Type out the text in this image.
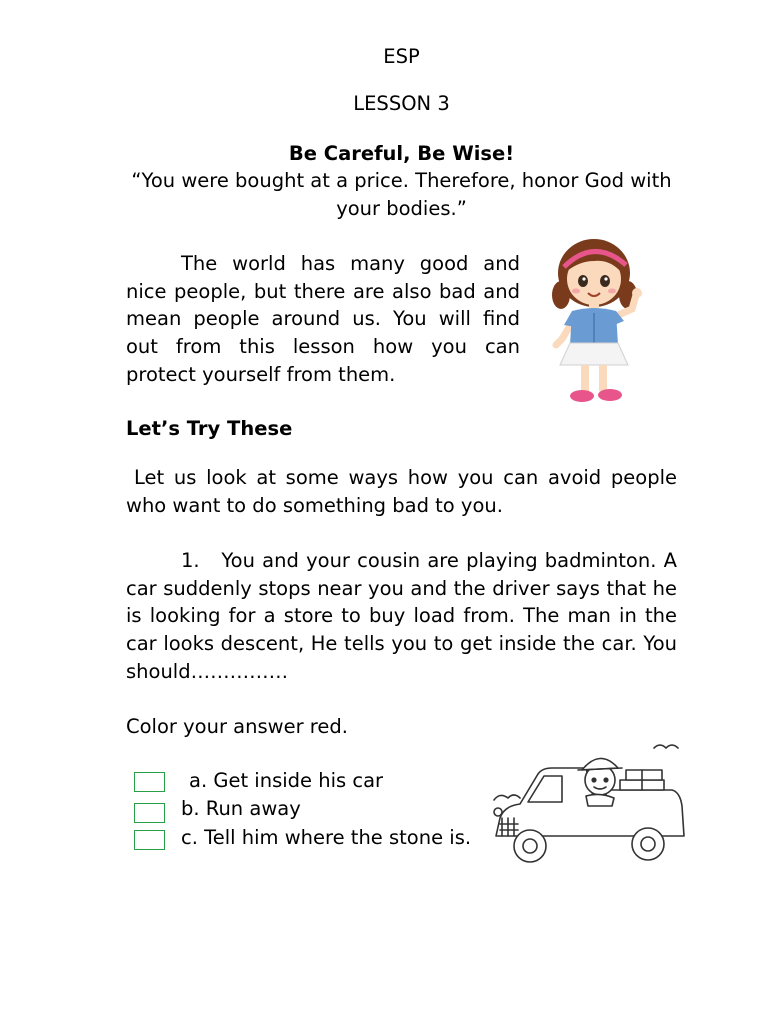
ESP
LESSON 3
Be Careful, Be Wise!
“You were bought at a price. Therefore, honor God with your bodies.”

The world has many good and nice people, but there are also bad and mean people around us. You will find out from this lesson how you can protect yourself from them.

Let’s Try These

Let us look at some ways how you can avoid people who want to do something bad to you.

1. You and your cousin are playing badminton. A car suddenly stops near you and the driver says that he is looking for a store to buy load from. The man in the car looks descent, He tells you to get inside the car. You should……………

Color your answer red.

a. Get inside his car
b. Run away

c. Tell him where the stone is.
